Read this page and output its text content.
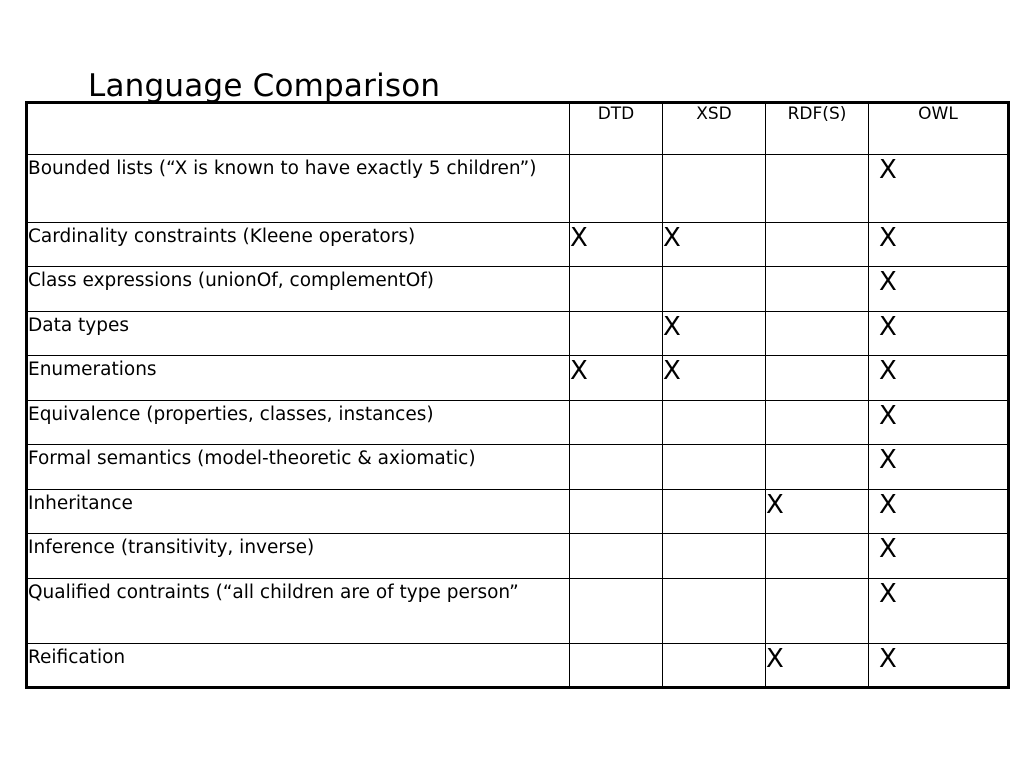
Language Comparison
	DTD	XSD	RDF(S)	OWL
Bounded lists (“X is known to have exactly 5 children”)				X
Cardinality constraints (Kleene operators)	X	X		X
Class expressions (unionOf, complementOf)				X
Data types		X		X
Enumerations	X	X		X
Equivalence (properties, classes, instances)				X
Formal semantics (model-theoretic & axiomatic)				X
Inheritance			X	X
Inference (transitivity, inverse)				X
Qualified contraints (“all children are of type person”				X
Reification			X	X
